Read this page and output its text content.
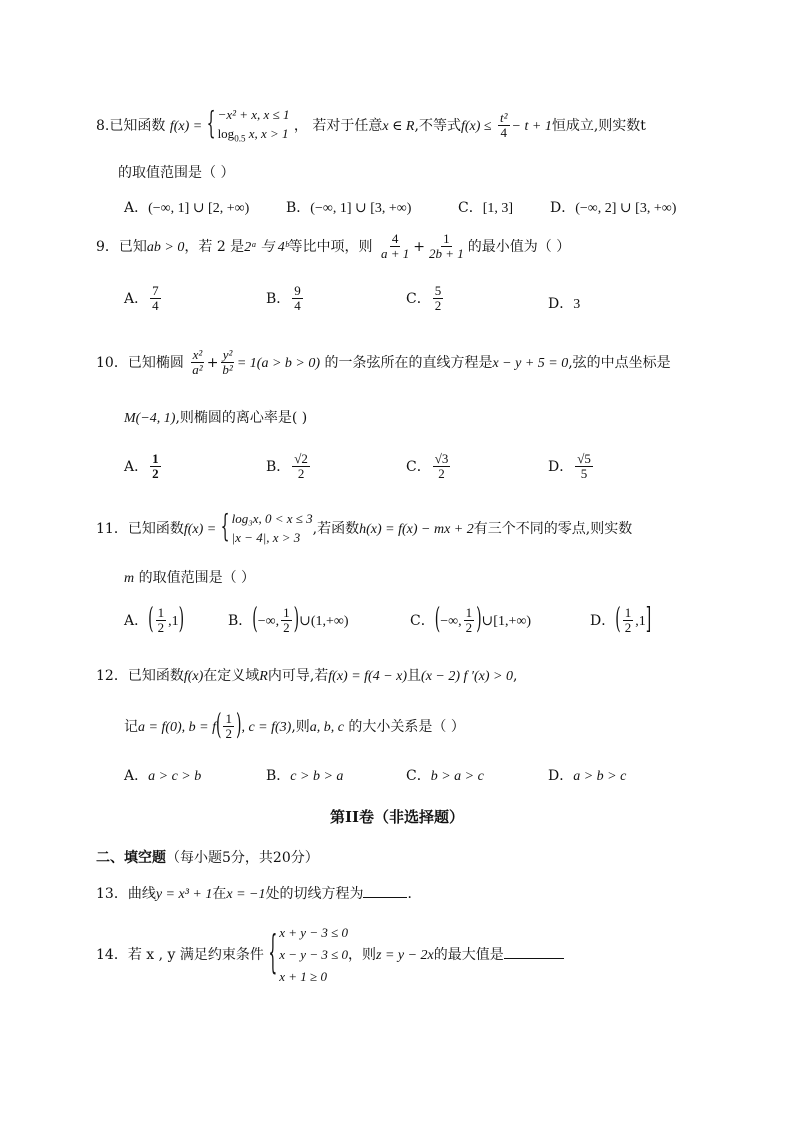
8.已知函数 f(x) = { −x² + x, x ≤ 1
$\log_{0.5} x$, x > 1 ， 若对于任意x ∈ R,不等式$f(x) \le \frac{\text{t²}}{4} - t + 1$恒成立,则实数t
的取值范围是（ ）
A．(−∞, 1] ∪ [2, +∞)	B．(−∞, 1] ∪ [3, +∞)	C．[1, 3]	D．(−∞, 2] ∪ [3, +∞)
9．已知ab > 0，若 2 是2ᵃ 与 4ᵇ等比中项，则 $\frac{4}{a + 1} + \frac{1}{2b + 1}$ 的最小值为（ ）
A． $\frac{7}{4}$	B． $\frac{9}{4}$	C． $\frac{5}{2}$	D．3
10．已知椭圆 $\frac{\text{x²}}{\text{a²}} + \frac{\text{y²}}{\text{b²}} = 1(a > b > 0)$ 的一条弦所在的直线方程是x − y + 5 = 0,弦的中点坐标是
M(−4, 1),则椭圆的离心率是( )
A． $\frac{1}{2}$	B． $\frac{√2}{2}$	C． $\frac{√3}{2}$	D． $\frac{√5}{5}$
11．已知函数f(x) = { log₃x, 0 < x ≤ 3
|x − 4|, x > 3
,若函数h(x) = f(x) − mx + 2有三个不同的零点,则实数
m 的取值范围是（ ）
A．( $\frac{1}{2} ,1$)	B．(−∞, $\frac{1}{2}$ )∪(1,+∞)	C．(−∞, $\frac{1}{2}$ )∪[1,+∞)	D．( $\frac{1}{2} ,1$]
12．已知函数f(x)在定义域R内可导,若f(x) = f(4 − x)且(x − 2) f ′(x) > 0,
记a = f(0), $b = f( \frac{1}{2}$ ), c = f(3),则a, b, c 的大小关系是（ ）
A．a > c > b	B．c > b > a	C．b > a > c	D．a > b > c
第II卷（非选择题）
二、填空题（每小题5分，共20分）
13．曲线y = x³ + 1在x = −1处的切线方程为	．
14．若 x , y 满足约束条件 { x + y − 3 ≤ 0
x − y − 3 ≤ 0
x + 1 ≥ 0
，则z = y − 2x的最大值是
